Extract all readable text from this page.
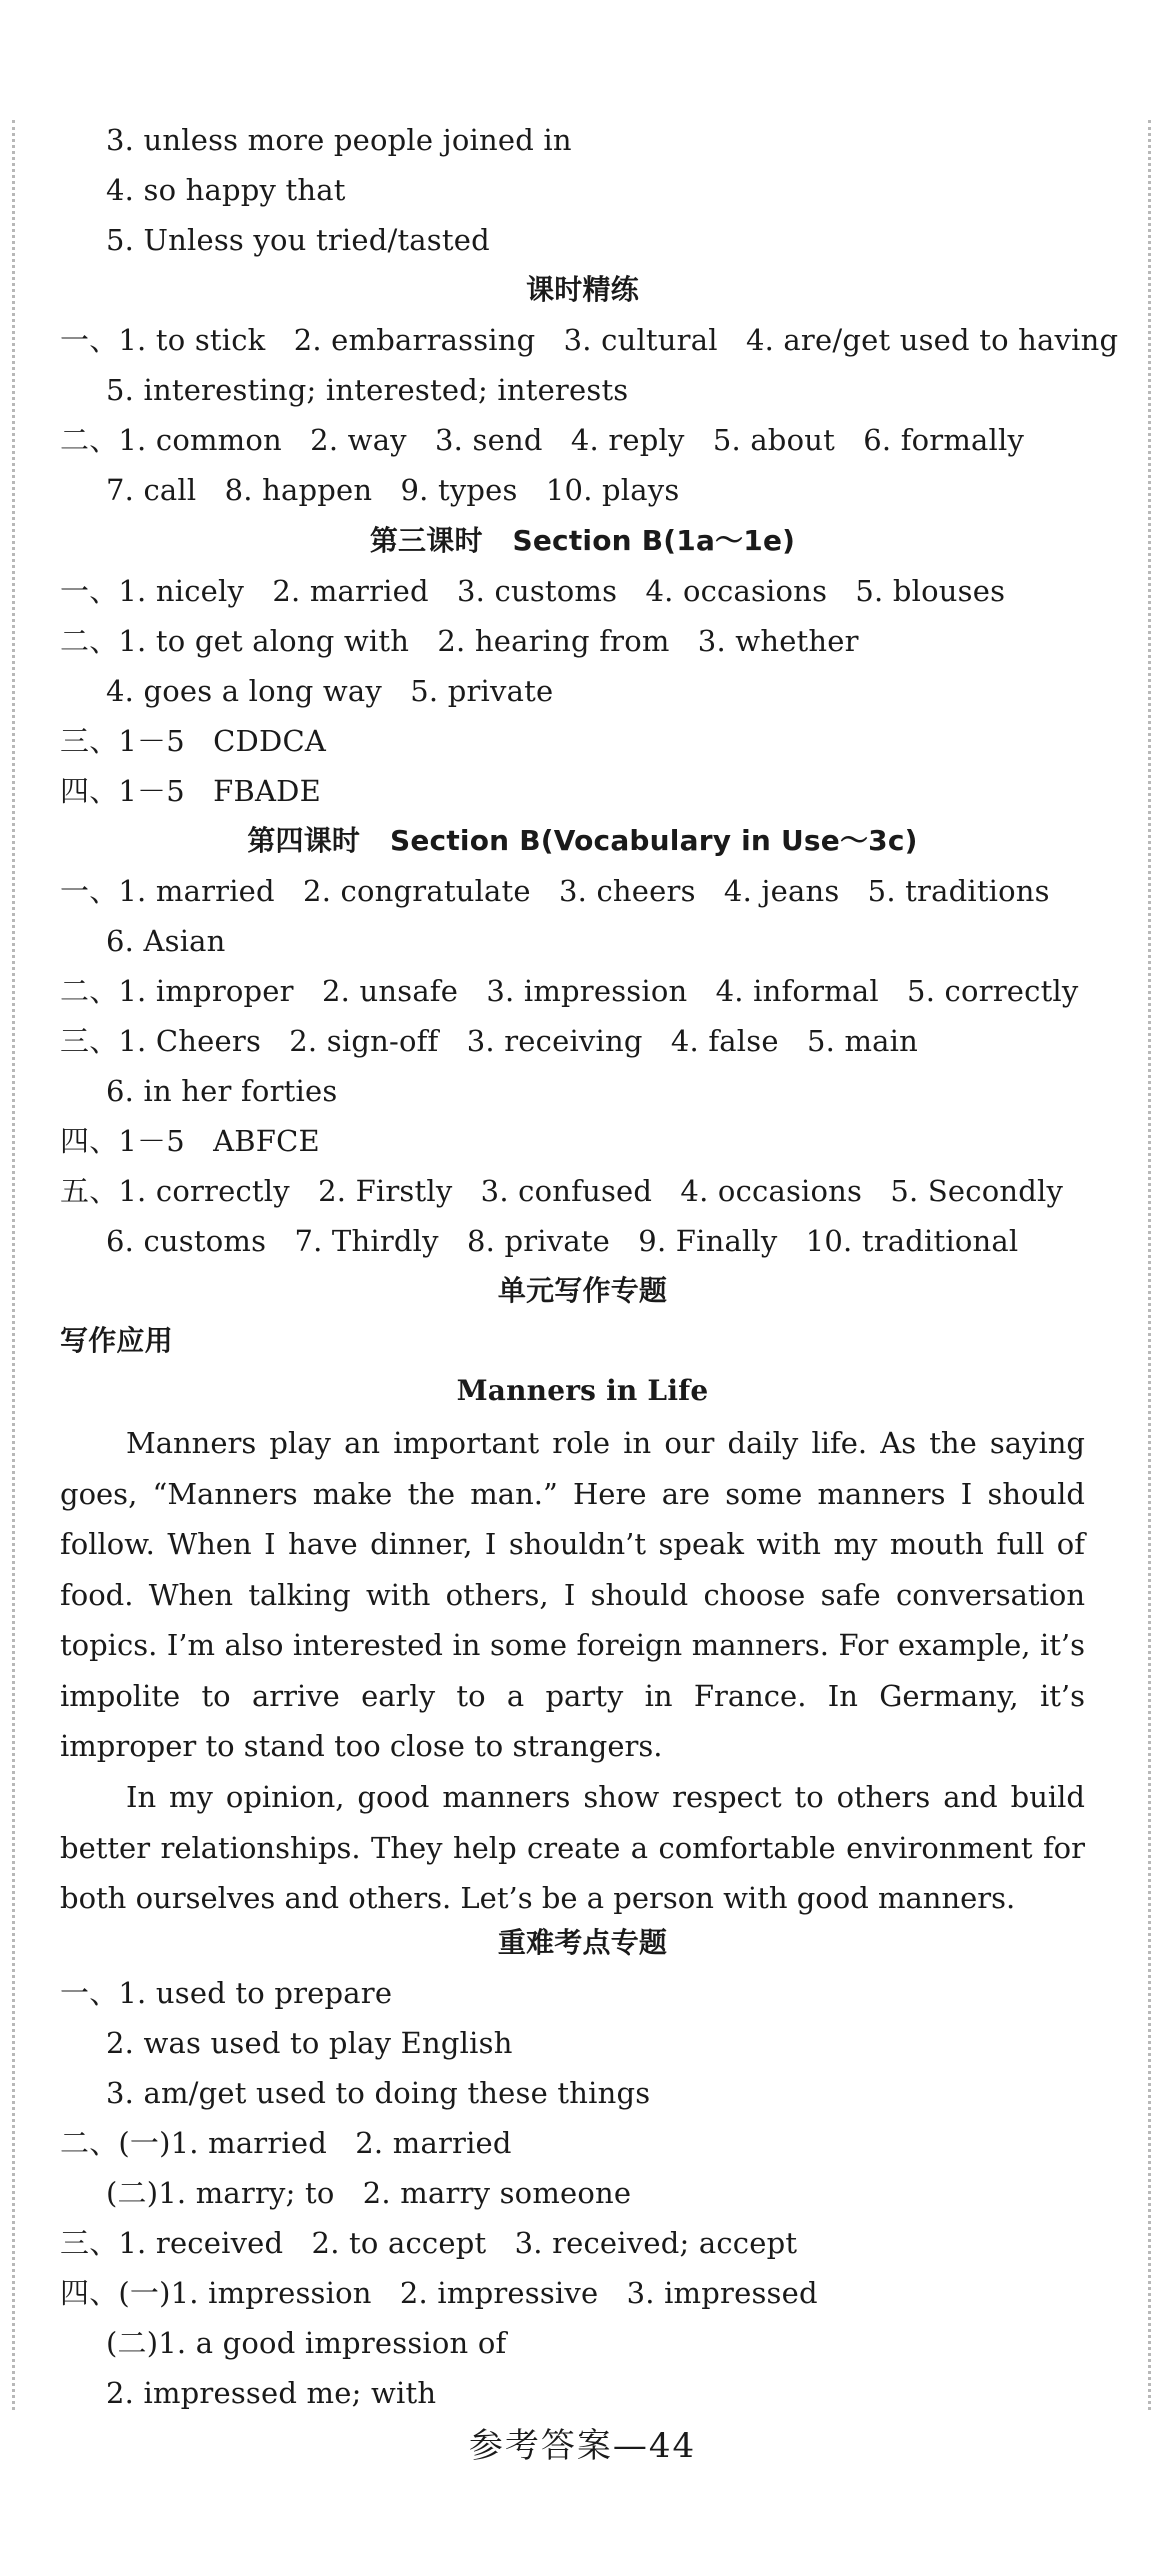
3. unless more people joined in
4. so happy that
5. Unless you tried/tasted
课时精练
一、1. to stick   2. embarrassing   3. cultural   4. are/get used to having
5. interesting; interested; interests
二、1. common   2. way   3. send   4. reply   5. about   6. formally
7. call   8. happen   9. types   10. plays
第三课时   Section B(1a～1e)
一、1. nicely   2. married   3. customs   4. occasions   5. blouses
二、1. to get along with   2. hearing from   3. whether
4. goes a long way   5. private
三、1－5   CDDCA
四、1－5   FBADE
第四课时   Section B(Vocabulary in Use～3c)
一、1. married   2. congratulate   3. cheers   4. jeans   5. traditions
6. Asian
二、1. improper   2. unsafe   3. impression   4. informal   5. correctly
三、1. Cheers   2. sign-off   3. receiving   4. false   5. main
6. in her forties
四、1－5   ABFCE
五、1. correctly   2. Firstly   3. confused   4. occasions   5. Secondly
6. customs   7. Thirdly   8. private   9. Finally   10. traditional
单元写作专题
写作应用
Manners in Life
Manners play an important role in our daily life. As the saying goes, “Manners make the man.” Here are some manners I should follow. When I have dinner, I shouldn’t speak with my mouth full of food. When talking with others, I should choose safe conversation topics. I’m also interested in some foreign manners. For example, it’s impolite to arrive early to a party in France. In Germany, it’s improper to stand too close to strangers.
In my opinion, good manners show respect to others and build better relationships. They help create a comfortable environment for both ourselves and others. Let’s be a person with good manners.
重难考点专题
一、1. used to prepare
2. was used to play English
3. am/get used to doing these things
二、(一)1. married   2. married
(二)1. marry; to   2. marry someone
三、1. received   2. to accept   3. received; accept
四、(一)1. impression   2. impressive   3. impressed
(二)1. a good impression of
2. impressed me; with
参考答案—44
